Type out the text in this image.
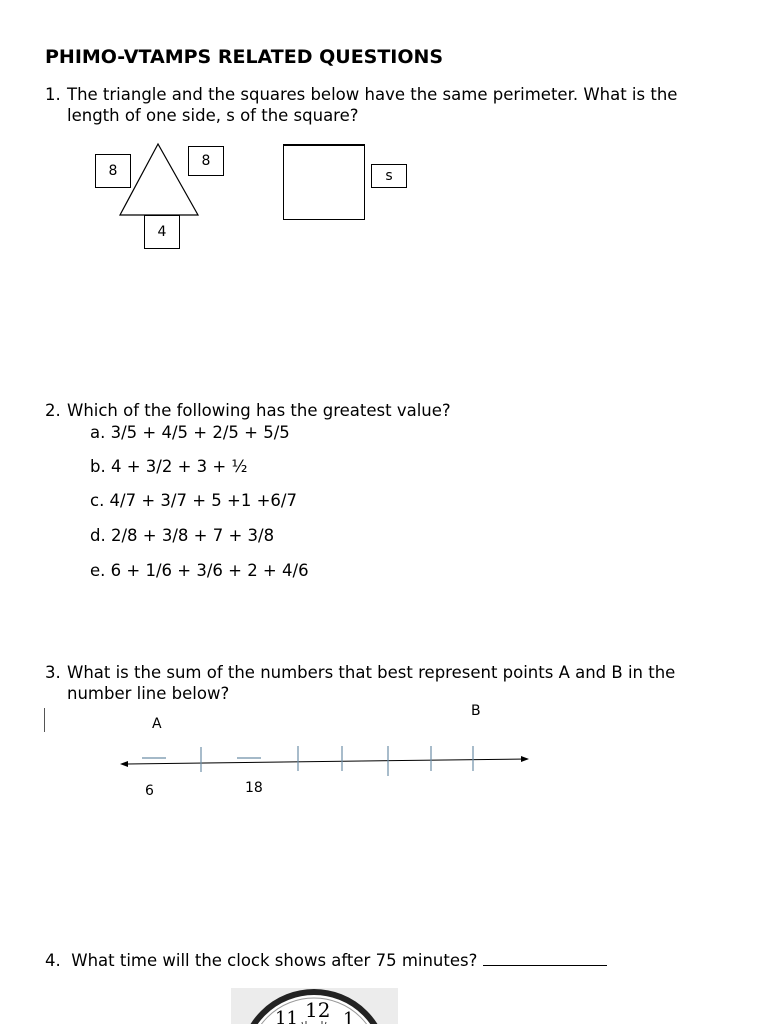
PHIMO-VTAMPS RELATED QUESTIONS
1. The triangle and the squares below have the same perimeter. What is the length of one side, s of the square?
8
8
4
s
2. Which of the following has the greatest value?
a. 3/5 + 4/5 + 2/5 + 5/5
b. 4 + 3/2 + 3 + ½
c. 4/7 + 3/7 + 5 +1 +6/7
d. 2/8 + 3/8 + 7 + 3/8
e. 6 + 1/6 + 3/6 + 2 + 4/6
3. What is the sum of the numbers that best represent points A and B in the number line below?
A
B
6	18
4. What time will the clock shows after 75 minutes?
12
11	1
